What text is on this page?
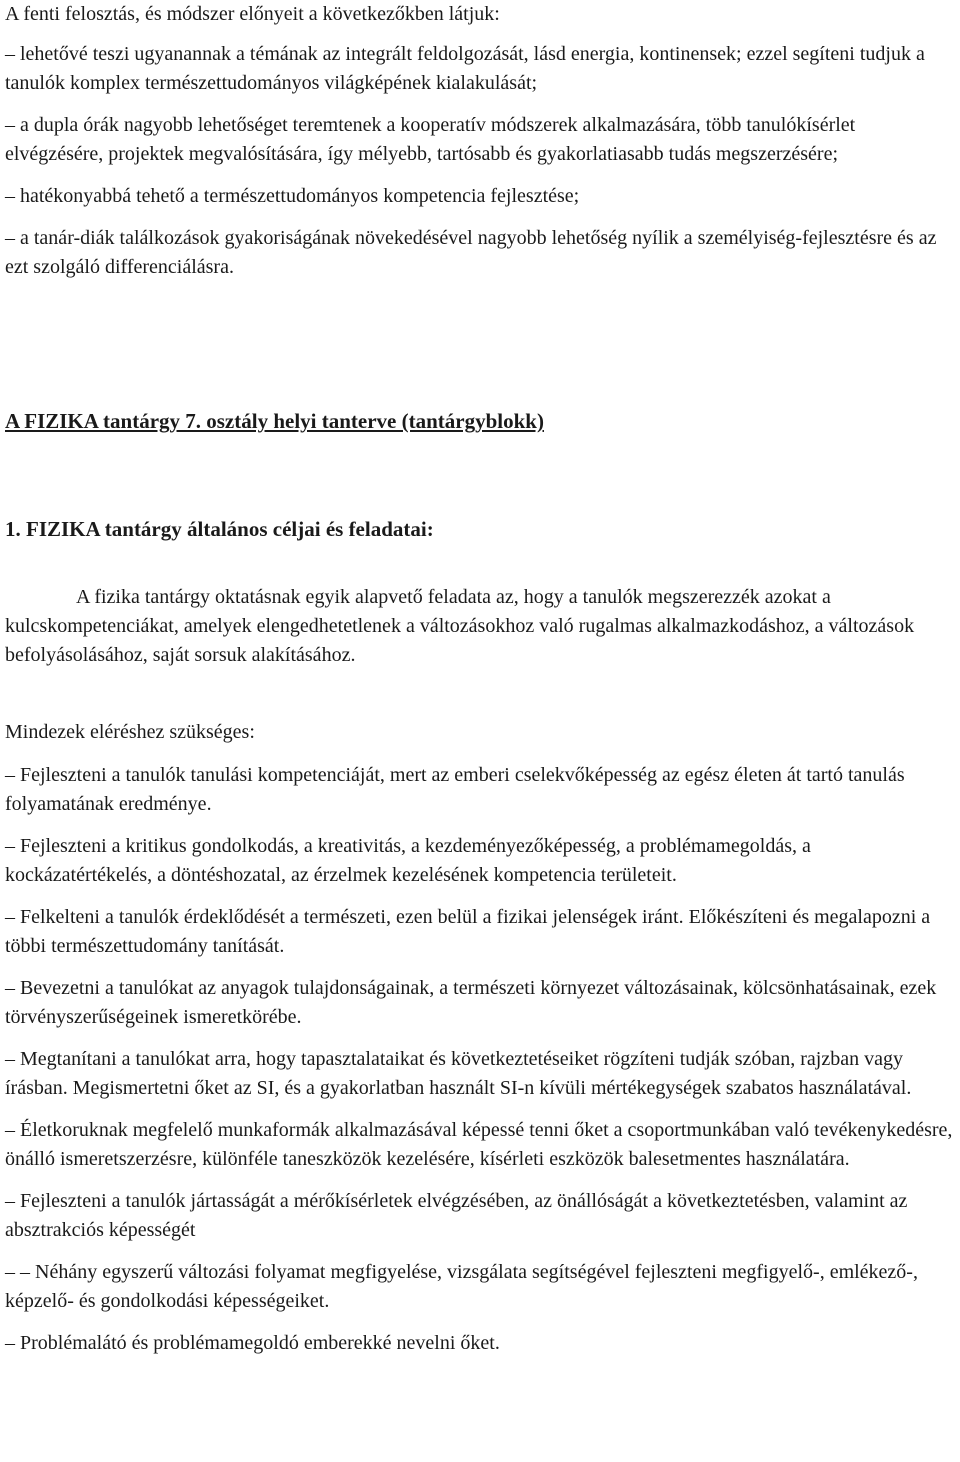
A fenti felosztás, és módszer előnyeit a következőkben látjuk:

– lehetővé teszi ugyanannak a témának az integrált feldolgozását, lásd energia, kontinensek; ezzel segíteni tudjuk a tanulók komplex természettudományos világképének kialakulását;

– a dupla órák nagyobb lehetőséget teremtenek a kooperatív módszerek alkalmazására, több tanulókísérlet elvégzésére, projektek megvalósítására, így mélyebb, tartósabb és gyakorlatiasabb tudás megszerzésére;

– hatékonyabbá tehető a természettudományos kompetencia fejlesztése;

– a tanár-diák találkozások gyakoriságának növekedésével nagyobb lehetőség nyílik a személyiség-fejlesztésre és az ezt szolgáló differenciálásra.

A FIZIKA tantárgy 7. osztály helyi tanterve (tantárgyblokk)

1. FIZIKA tantárgy általános céljai és feladatai:

A fizika tantárgy oktatásnak egyik alapvető feladata az, hogy a tanulók megszerezzék azokat a kulcskompetenciákat, amelyek elengedhetetlenek a változásokhoz való rugalmas alkalmazkodáshoz, a változások befolyásolásához, saját sorsuk alakításához.

Mindezek eléréshez szükséges:

– Fejleszteni a tanulók tanulási kompetenciáját, mert az emberi cselekvőképesség az egész életen át tartó tanulás folyamatának eredménye.

– Fejleszteni a kritikus gondolkodás, a kreativitás, a kezdeményezőképesség, a problémamegoldás, a kockázatértékelés, a döntéshozatal, az érzelmek kezelésének kompetencia területeit.

– Felkelteni a tanulók érdeklődését a természeti, ezen belül a fizikai jelenségek iránt. Előkészíteni és megalapozni a többi természettudomány tanítását.

– Bevezetni a tanulókat az anyagok tulajdonságainak, a természeti környezet változásainak, kölcsönhatásainak, ezek törvényszerűségeinek ismeretkörébe.

– Megtanítani a tanulókat arra, hogy tapasztalataikat és következtetéseiket rögzíteni tudják szóban, rajzban vagy írásban. Megismertetni őket az SI, és a gyakorlatban használt SI-n kívüli mértékegységek szabatos használatával.

– Életkoruknak megfelelő munkaformák alkalmazásával képessé tenni őket a csoportmunkában való tevékenykedésre, önálló ismeretszerzésre, különféle taneszközök kezelésére, kísérleti eszközök balesetmentes használatára.

– Fejleszteni a tanulók jártasságát a mérőkísérletek elvégzésében, az önállóságát a következtetésben, valamint az absztrakciós képességét

– – Néhány egyszerű változási folyamat megfigyelése, vizsgálata segítségével fejleszteni megfigyelő-, emlékező-, képzelő- és gondolkodási képességeiket.

– Problémalátó és problémamegoldó emberekké nevelni őket.
